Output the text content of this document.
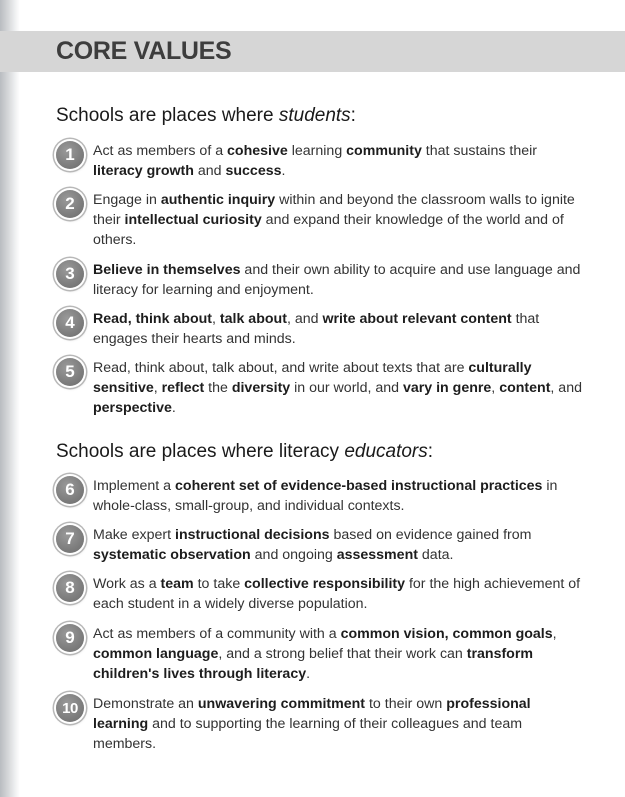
CORE VALUES
Schools are places where students:
1	Act as members of a cohesive learning community that sustains their literacy growth and success.
2	Engage in authentic inquiry within and beyond the classroom walls to ignite their intellectual curiosity and expand their knowledge of the world and of others.
3	Believe in themselves and their own ability to acquire and use language and literacy for learning and enjoyment.
4	Read, think about, talk about, and write about relevant content that engages their hearts and minds.
5	Read, think about, talk about, and write about texts that are culturally sensitive, reflect the diversity in our world, and vary in genre, content, and perspective.
Schools are places where literacy educators:
6	Implement a coherent set of evidence-based instructional practices in whole-class, small-group, and individual contexts.
7	Make expert instructional decisions based on evidence gained from systematic observation and ongoing assessment data.
8	Work as a team to take collective responsibility for the high achievement of each student in a widely diverse population.
9	Act as members of a community with a common vision, common goals, common language, and a strong belief that their work can transform children's lives through literacy.
10	Demonstrate an unwavering commitment to their own professional learning and to supporting the learning of their colleagues and team members.
